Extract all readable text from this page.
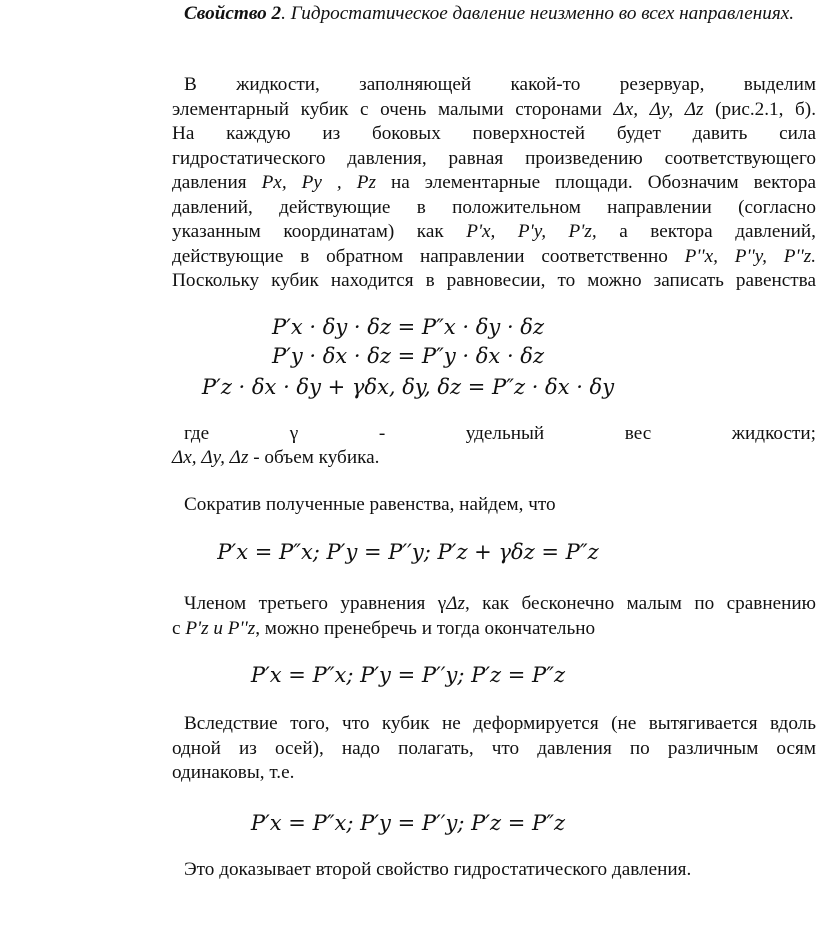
Свойство 2. Гидростатическое давление неизменно во всех направлениях.
В жидкости, заполняющей какой-то резервуар, выделим
элементарный кубик с очень малыми сторонами Δx, Δy, Δz (рис.2.1, б).
На каждую из боковых поверхностей будет давить сила
гидростатического давления, равная произведению соответствующего
давления Px, Py , Pz на элементарные площади. Обозначим вектора
давлений, действующие в положительном направлении (согласно
указанным координатам) как P'x, P'y, P'z, а вектора давлений,
действующие в обратном направлении соответственно P''x, P''y, P''z.
Поскольку кубик находится в равновесии, то можно записать равенства
P′x · δy · δz = P″x · δy · δz
P′y · δx · δz = P″y · δx · δz
P′z · δx · δy + γδx, δy, δz = P″z · δx · δy
где	γ	-	удельный	вес	жидкости;
Δx, Δy, Δz - объем кубика.
Сократив полученные равенства, найдем, что
P′x = P″x; P′y = P′′y; P′z + γδz = P″z
Членом третьего уравнения γΔz, как бесконечно малым по сравнению
с P'z и P''z, можно пренебречь и тогда окончательно
P′x = P″x; P′y = P′′y; P′z = P″z
Вследствие того, что кубик не деформируется (не вытягивается вдоль
одной из осей), надо полагать, что давления по различным осям
одинаковы, т.е.
P′x = P″x; P′y = P′′y; P′z = P″z
Это доказывает второй свойство гидростатического давления.
